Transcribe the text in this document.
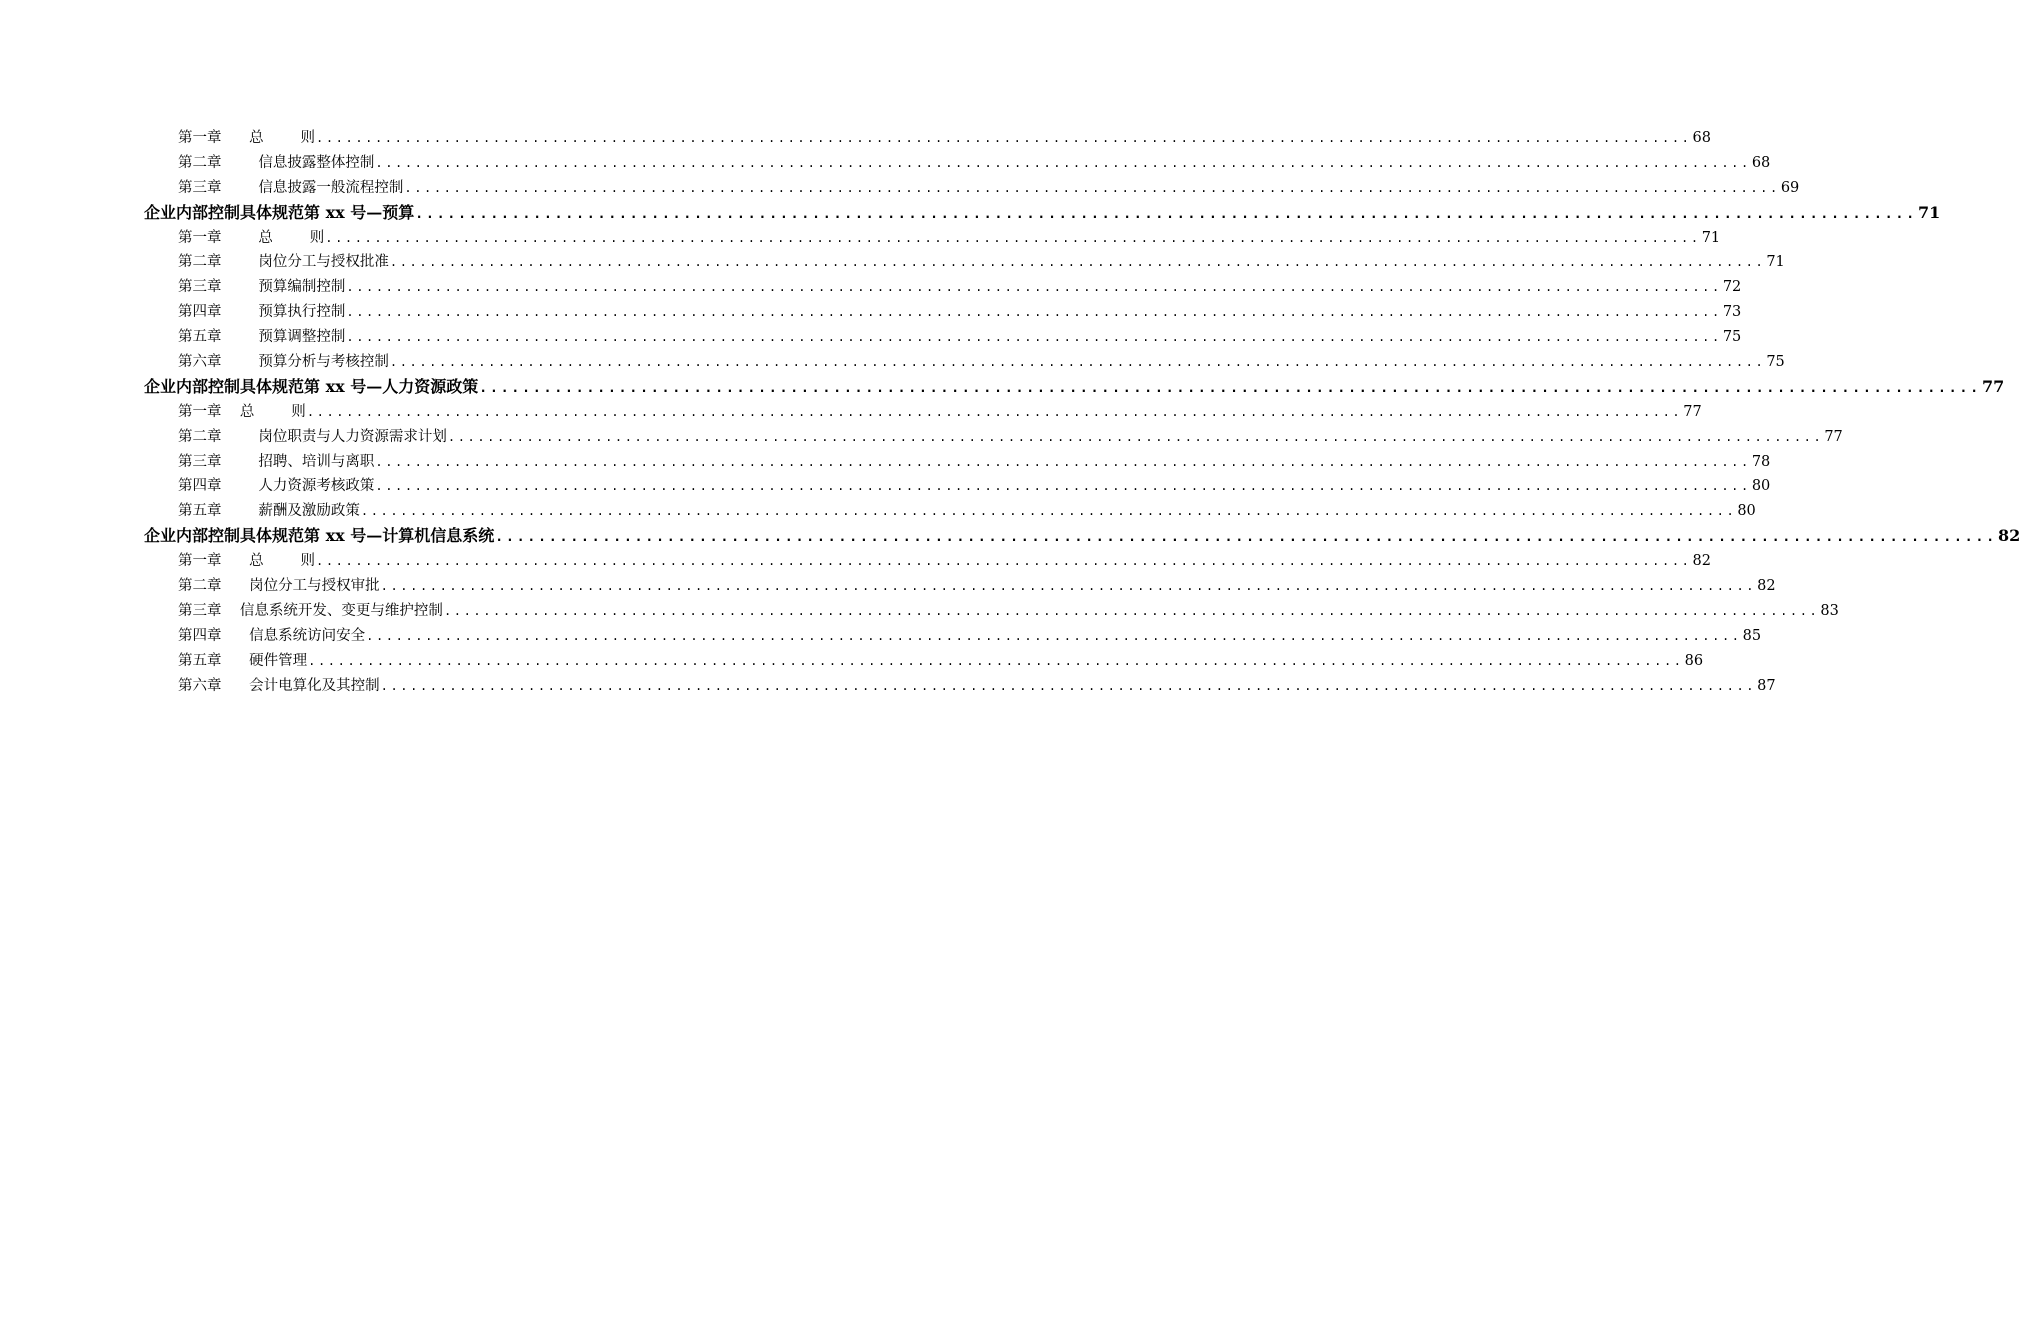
第一章      总        则 ............................................................................................................................................ 68
第二章        信息披露整体控制 ............................................................................................................................................ 68
第三章        信息披露一般流程控制 ............................................................................................................................................ 69
企业内部控制具体规范第 xx 号—预算 ............................................................................................................................................ 71
第一章        总        则 ............................................................................................................................................ 71
第二章        岗位分工与授权批准 ............................................................................................................................................ 71
第三章        预算编制控制 ............................................................................................................................................ 72
第四章        预算执行控制 ............................................................................................................................................ 73
第五章        预算调整控制 ............................................................................................................................................ 75
第六章        预算分析与考核控制 ............................................................................................................................................ 75
企业内部控制具体规范第 xx 号—人力资源政策 ............................................................................................................................................ 77
第一章    总        则 ............................................................................................................................................ 77
第二章        岗位职责与人力资源需求计划 ............................................................................................................................................ 77
第三章        招聘、培训与离职 ............................................................................................................................................ 78
第四章        人力资源考核政策 ............................................................................................................................................ 80
第五章        薪酬及激励政策 ............................................................................................................................................ 80
企业内部控制具体规范第 xx 号—计算机信息系统 ............................................................................................................................................ 82
第一章      总        则 ............................................................................................................................................ 82
第二章      岗位分工与授权审批 ............................................................................................................................................ 82
第三章    信息系统开发、变更与维护控制 ............................................................................................................................................ 83
第四章      信息系统访问安全 ............................................................................................................................................ 85
第五章      硬件管理 ............................................................................................................................................ 86
第六章      会计电算化及其控制 ............................................................................................................................................ 87
